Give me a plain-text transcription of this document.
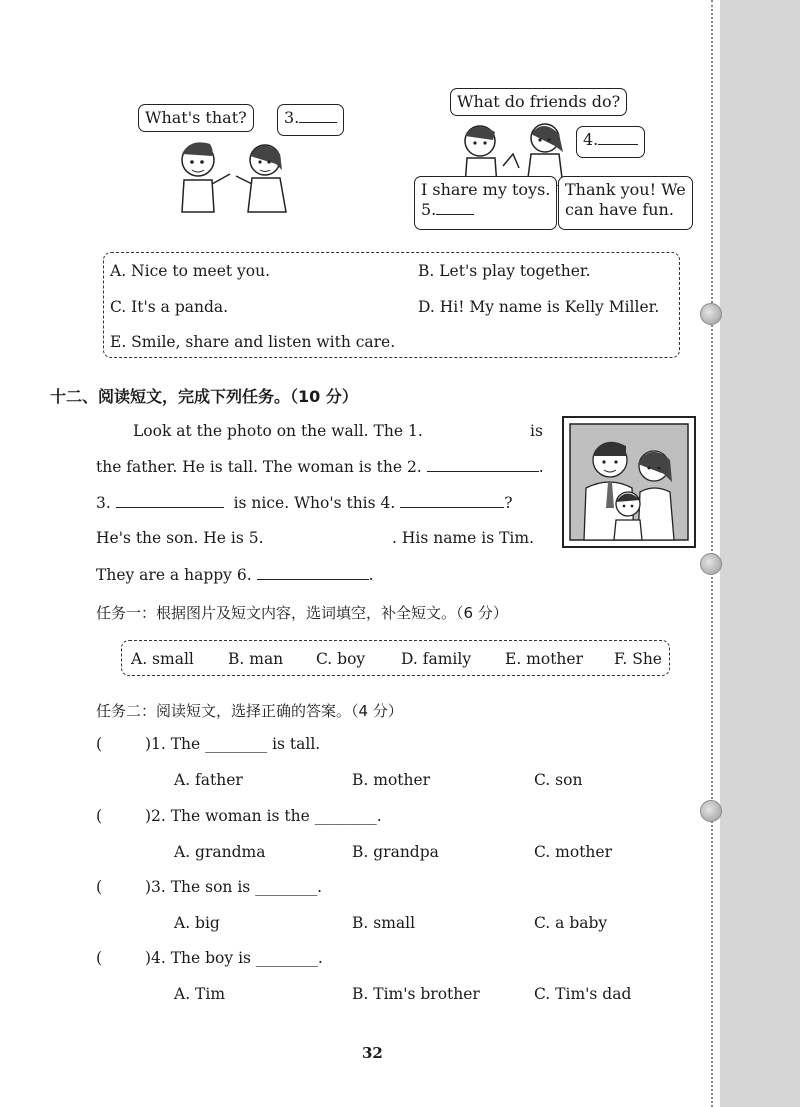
What's that?	3.
What do friends do?
4.
I share my toys.
5.
Thank you! We
can have fun.
A. Nice to meet you.	B. Let's play together.
C. It's a panda.	D. Hi! My name is Kelly Miller.
E. Smile, share and listen with care.
十二、阅读短文，完成下列任务。（10 分）
Look at the photo on the wall. The 1.	is
the father. He is tall. The woman is the 2.	.
3.	is nice. Who's this 4.	?
He's the son. He is 5.	. His name is Tim.
They are a happy 6.	.
任务一：根据图片及短文内容，选词填空，补全短文。（6 分）
A. small B. man C. boy D. family E. mother F. She
任务二：阅读短文，选择正确的答案。（4 分）
(	) 1. The ________ is tall.
A. father	B. mother	C. son
(	) 2. The woman is the ________.
A. grandma	B. grandpa	C. mother
(	) 3. The son is ________.
A. big	B. small	C. a baby
(	) 4. The boy is ________.
A. Tim	B. Tim's brother	C. Tim's dad
32
